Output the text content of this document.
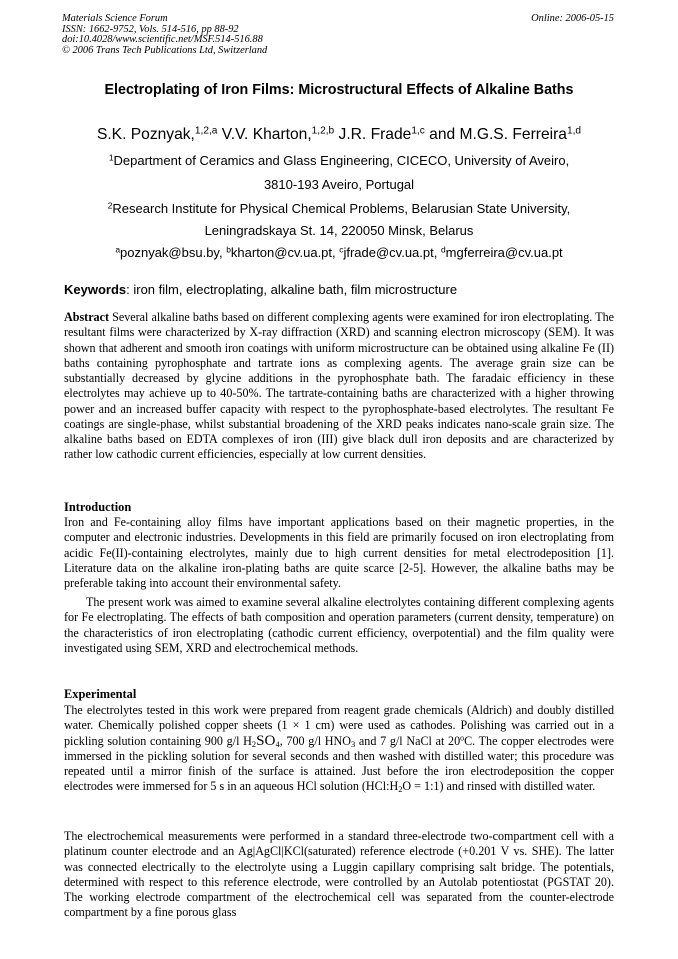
Materials Science Forum
ISSN: 1662-9752, Vols. 514-516, pp 88-92
doi:10.4028/www.scientific.net/MSF.514-516.88
© 2006 Trans Tech Publications Ltd, Switzerland
Online: 2006-05-15
Electroplating of Iron Films: Microstructural Effects of Alkaline Baths
S.K. Poznyak,$^{1,2,a}$ V.V. Kharton,$^{1,2,b}$ J.R. Frade$^{1,c}$ and M.G.S. Ferreira$^{1,d}$
$^1$Department of Ceramics and Glass Engineering, CICECO, University of Aveiro,
3810-193 Aveiro, Portugal
$^2$Research Institute for Physical Chemical Problems, Belarusian State University,
Leningradskaya St. 14, 220050 Minsk, Belarus
$^a$poznyak@bsu.by, $^b$kharton@cv.ua.pt, $^c$jfrade@cv.ua.pt, $^d$mgferreira@cv.ua.pt
Keywords: iron film, electroplating, alkaline bath, film microstructure
Abstract Several alkaline baths based on different complexing agents were examined for iron electroplating. The resultant films were characterized by X-ray diffraction (XRD) and scanning electron microscopy (SEM). It was shown that adherent and smooth iron coatings with uniform microstructure can be obtained using alkaline Fe (II) baths containing pyrophosphate and tartrate ions as complexing agents. The average grain size can be substantially decreased by glycine additions in the pyrophosphate bath. The faradaic efficiency in these electrolytes may achieve up to 40-50%. The tartrate-containing baths are characterized with a higher throwing power and an increased buffer capacity with respect to the pyrophosphate-based electrolytes. The resultant Fe coatings are single-phase, whilst substantial broadening of the XRD peaks indicates nano-scale grain size. The alkaline baths based on EDTA complexes of iron (III) give black dull iron deposits and are characterized by rather low cathodic current efficiencies, especially at low current densities.
Introduction
Iron and Fe-containing alloy films have important applications based on their magnetic properties, in the computer and electronic industries. Developments in this field are primarily focused on iron electroplating from acidic Fe(II)-containing electrolytes, mainly due to high current densities for metal electrodeposition [1]. Literature data on the alkaline iron-plating baths are quite scarce [2-5]. However, the alkaline baths may be preferable taking into account their environmental safety.
The present work was aimed to examine several alkaline electrolytes containing different complexing agents for Fe electroplating. The effects of bath composition and operation parameters (current density, temperature) on the characteristics of iron electroplating (cathodic current efficiency, overpotential) and the film quality were investigated using SEM, XRD and electrochemical methods.
Experimental
The electrolytes tested in this work were prepared from reagent grade chemicals (Aldrich) and doubly distilled water. Chemically polished copper sheets (1 × 1 cm) were used as cathodes. Polishing was carried out in a pickling solution containing 900 g/l $H_2SO_4$, 700 g/l $HNO_3$ and 7 g/l NaCl at 20$^o$C. The copper electrodes were immersed in the pickling solution for several seconds and then washed with distilled water; this procedure was repeated until a mirror finish of the surface is attained. Just before the iron electrodeposition the copper electrodes were immersed for 5 s in an aqueous HCl solution ($HCl:H_2O$ = 1:1) and rinsed with distilled water.
The electrochemical measurements were performed in a standard three-electrode two-compartment cell with a platinum counter electrode and an Ag|AgCl|KCl(saturated) reference electrode (+0.201 V vs. SHE). The latter was connected electrically to the electrolyte using a Luggin capillary comprising salt bridge. The potentials, determined with respect to this reference electrode, were controlled by an Autolab potentiostat (PGSTAT 20). The working electrode compartment of the electrochemical cell was separated from the counter-electrode compartment by a fine porous glass
